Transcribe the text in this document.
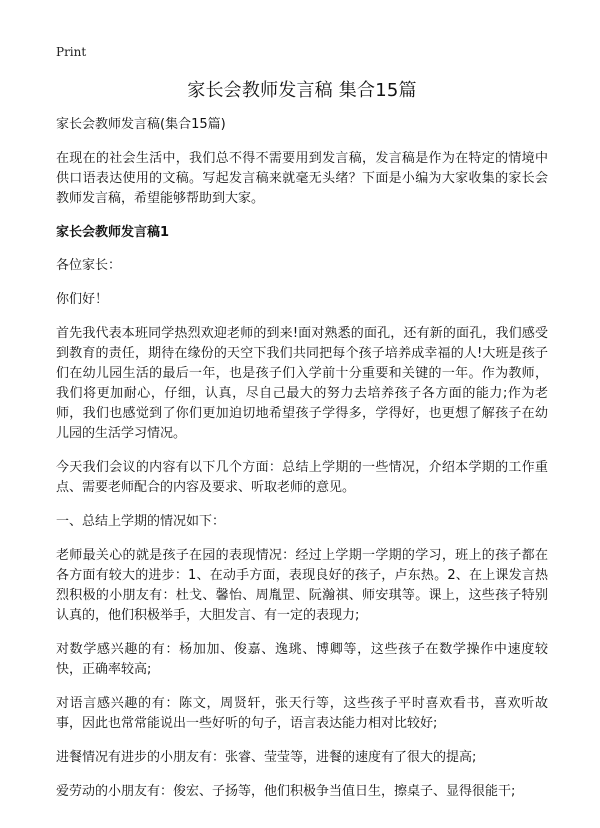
Print
家长会教师发言稿 集合15篇

家长会教师发言稿(集合15篇)

在现在的社会生活中，我们总不得不需要用到发言稿，发言稿是作为在特定的情境中供口语表达使用的文稿。写起发言稿来就毫无头绪？下面是小编为大家收集的家长会教师发言稿，希望能够帮助到大家。

家长会教师发言稿1

各位家长：

你们好！

首先我代表本班同学热烈欢迎老师的到来!面对熟悉的面孔，还有新的面孔，我们感受到教育的责任，期待在缘份的天空下我们共同把每个孩子培养成幸福的人!大班是孩子们在幼儿园生活的最后一年，也是孩子们入学前十分重要和关键的一年。作为教师，我们将更加耐心，仔细，认真，尽自己最大的努力去培养孩子各方面的能力;作为老师，我们也感觉到了你们更加迫切地希望孩子学得多，学得好，也更想了解孩子在幼儿园的生活学习情况。

今天我们会议的内容有以下几个方面：总结上学期的一些情况，介绍本学期的工作重点、需要老师配合的内容及要求、听取老师的意见。

一、总结上学期的情况如下：

老师最关心的就是孩子在园的表现情况：经过上学期一学期的学习，班上的孩子都在各方面有较大的进步：1、在动手方面，表现良好的孩子，卢东热。2、在上课发言热烈积极的小朋友有：杜戈、馨怡、周胤罡、阮瀚祺、师安琪等。课上，这些孩子特别认真的，他们积极举手，大胆发言、有一定的表现力;

对数学感兴趣的有：杨加加、俊嘉、逸珧、博卿等，这些孩子在数学操作中速度较快，正确率较高;

对语言感兴趣的有：陈文，周贤轩，张天行等，这些孩子平时喜欢看书，喜欢听故事，因此也常常能说出一些好听的句子，语言表达能力相对比较好;

进餐情况有进步的小朋友有：张睿、莹莹等，进餐的速度有了很大的提高;

爱劳动的小朋友有：俊宏、子扬等，他们积极争当值日生，擦桌子、显得很能干;
